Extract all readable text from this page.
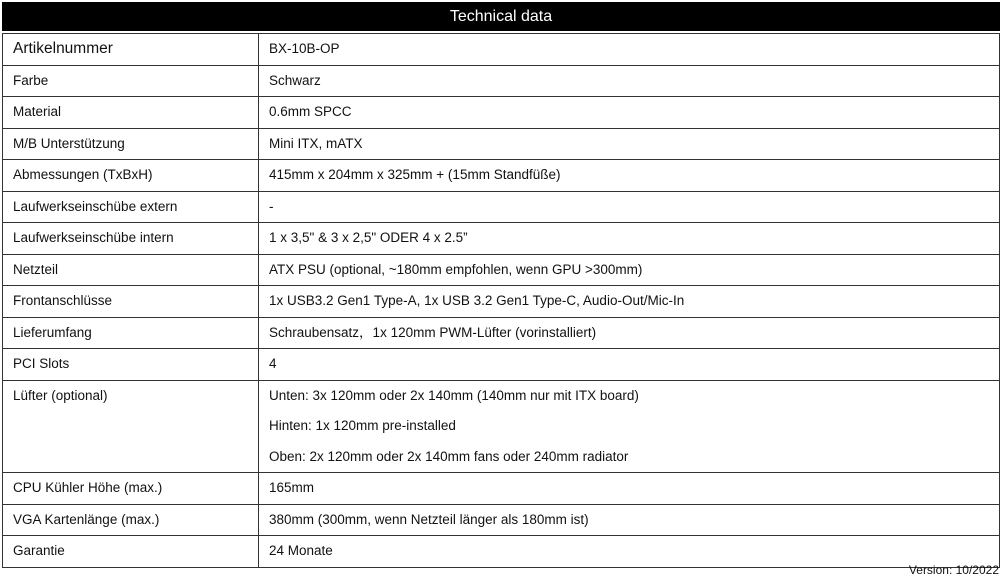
Technical data
Artikelnummer	BX-10B-OP

Farbe	Schwarz

Material	0.6mm SPCC

M/B Unterstützung	Mini ITX, mATX

Abmessungen (TxBxH)	415mm x 204mm x 325mm + (15mm Standfüße)

Laufwerkseinschübe extern	-

Laufwerkseinschübe intern	1 x 3,5" & 3 x 2,5" ODER 4 x 2.5”

Netzteil	ATX PSU (optional, ~180mm empfohlen, wenn GPU >300mm)

Frontanschlüsse	1x USB3.2 Gen1 Type-A, 1x USB 3.2 Gen1 Type-C, Audio-Out/Mic-In

Lieferumfang	Schraubensatz，1x 120mm PWM-Lüfter (vorinstalliert)

PCI Slots	4

Lüfter (optional)	Unten: 3x 120mm oder 2x 140mm (140mm nur mit ITX board)
Hinten: 1x 120mm pre-installed
Oben: 2x 120mm oder 2x 140mm fans oder 240mm radiator

CPU Kühler Höhe (max.)	165mm

VGA Kartenlänge (max.)	380mm (300mm, wenn Netzteil länger als 180mm ist)

Garantie	24 Monate
Version: 10/2022
